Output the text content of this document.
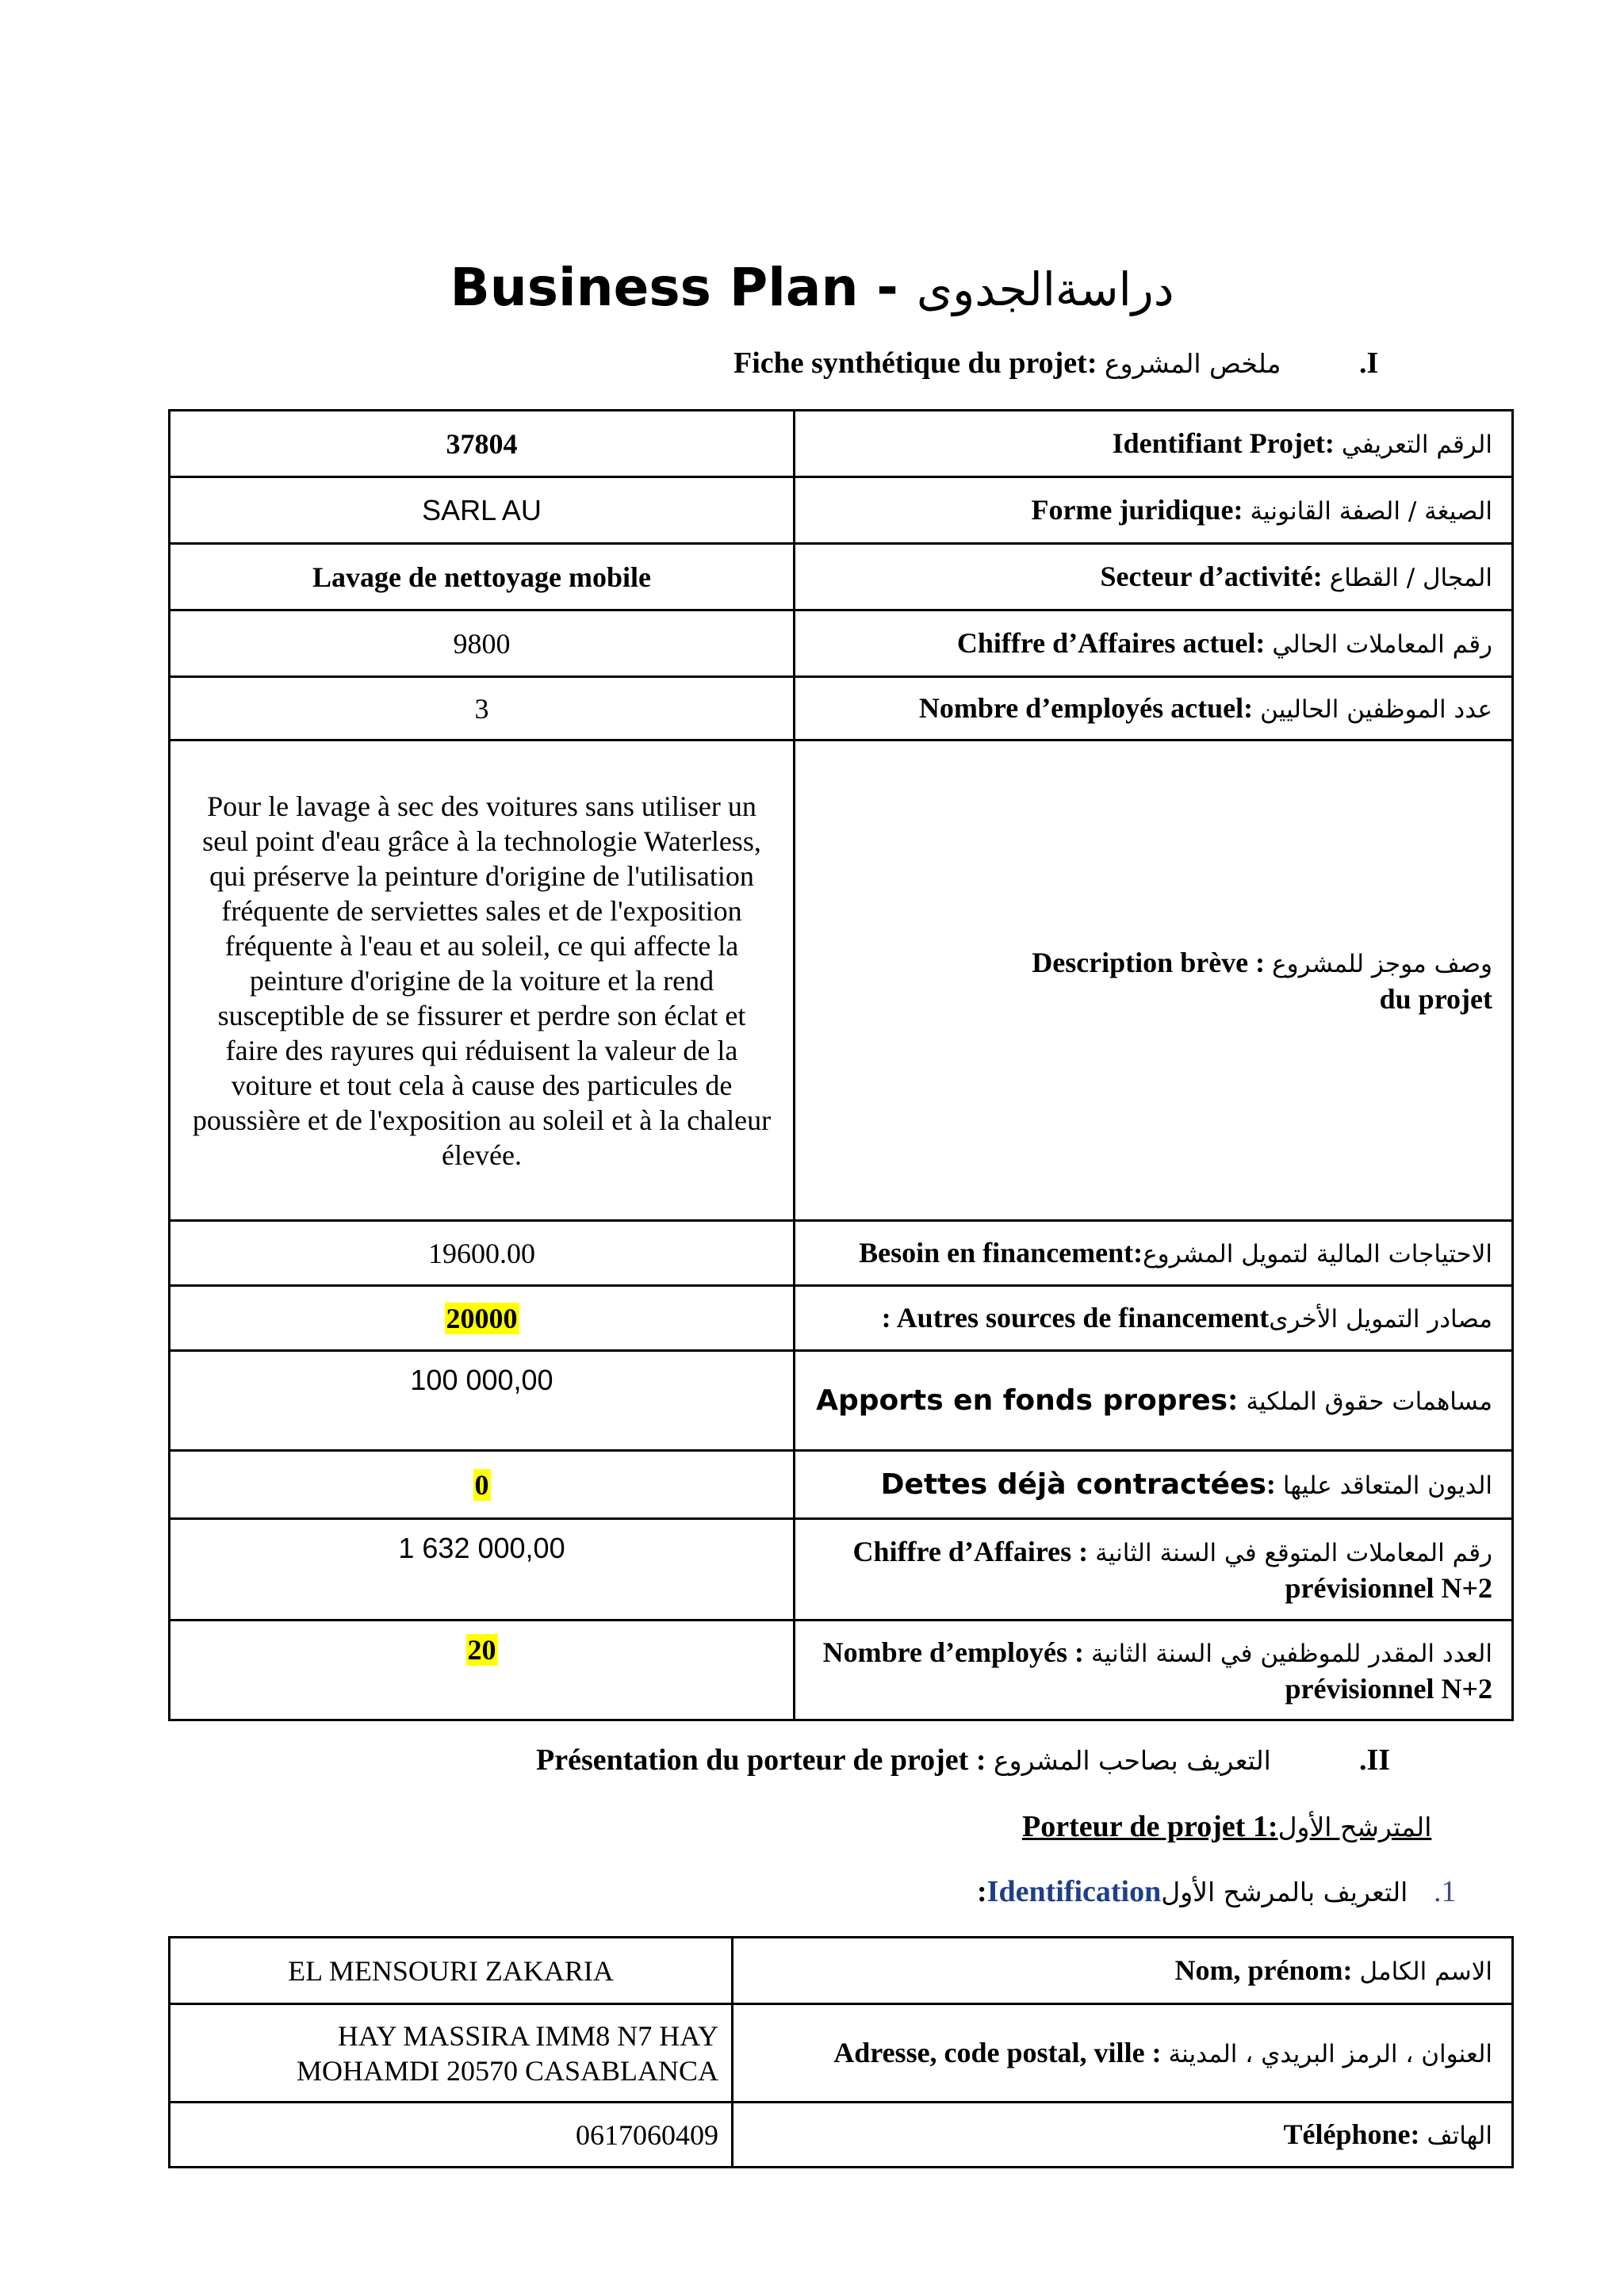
Business Plan - دراسةالجدوى
Fiche synthétique du projet: ملخص المشروع	.I
37804	Identifiant Projet: الرقم التعريفي
SARL AU	Forme juridique: الصيغة / الصفة القانونية
Lavage de nettoyage mobile	Secteur d’activité: المجال / القطاع
9800	Chiffre d’Affaires actuel: رقم المعاملات الحالي
3	Nombre d’employés actuel: عدد الموظفين الحاليين
Pour le lavage à sec des voitures sans utiliser un seul point d'eau grâce à la technologie Waterless, qui préserve la peinture d'origine de l'utilisation fréquente de serviettes sales et de l'exposition fréquente à l'eau et au soleil, ce qui affecte la peinture d'origine de la voiture et la rend susceptible de se fissurer et perdre son éclat et faire des rayures qui réduisent la valeur de la voiture et tout cela à cause des particules de poussière et de l'exposition au soleil et à la chaleur élevée.	Description brève : وصف موجز للمشروع
du projet
19600.00	Besoin en financement:الاحتياجات المالية لتمويل المشروع
20000	: Autres sources de financementمصادر التمويل الأخرى
100 000,00	Apports en fonds propres: مساهمات حقوق الملكية
0	Dettes déjà contractées: الديون المتعاقد عليها
1 632 000,00	Chiffre d’Affaires : رقم المعاملات المتوقع في السنة الثانية
prévisionnel N+2
20	Nombre d’employés : العدد المقدر للموظفين في السنة الثانية
prévisionnel N+2
Présentation du porteur de projet : التعريف بصاحب المشروع	.II
Porteur de projet 1:المترشح الأول
:Identificationالتعريف بالمرشح الأول .1
EL MENSOURI ZAKARIA	Nom, prénom: الاسم الكامل
HAY MASSIRA IMM8 N7 HAY MOHAMDI 20570 CASABLANCA	Adresse, code postal, ville : العنوان ، الرمز البريدي ، المدينة
0617060409	Téléphone: الهاتف
